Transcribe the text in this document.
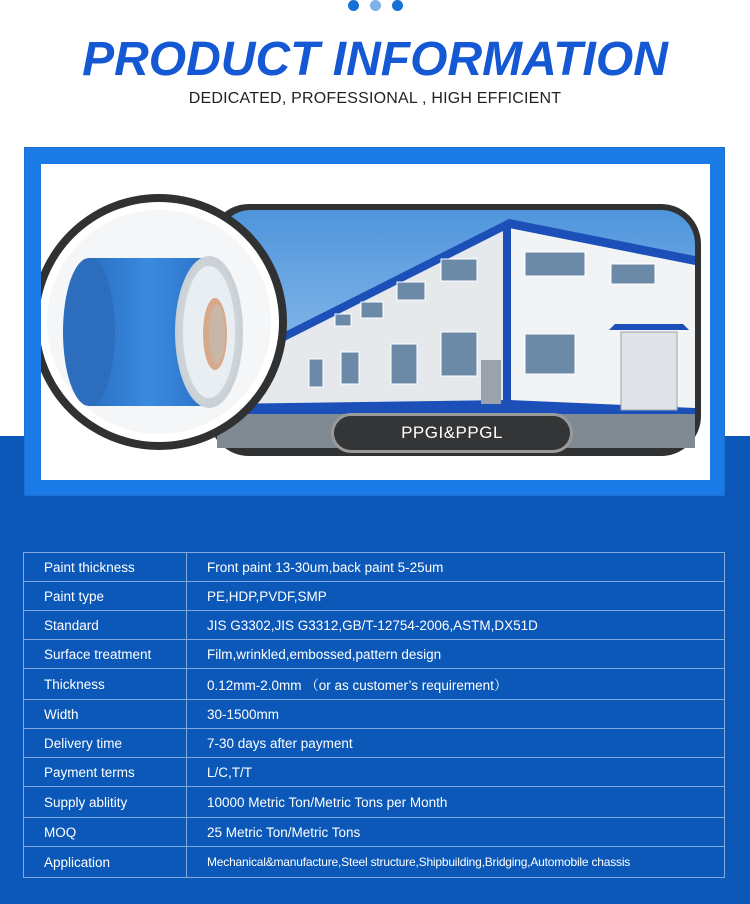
PRODUCT INFORMATION
DEDICATED, PROFESSIONAL , HIGH EFFICIENT
PPGI&PPGL
Paint thickness	Front paint 13-30um,back paint 5-25um
Paint type	PE,HDP,PVDF,SMP
Standard	JIS G3302,JIS G3312,GB/T-12754-2006,ASTM,DX51D
Surface treatment	Film,wrinkled,embossed,pattern design
Thickness	0.12mm-2.0mm （or as customer’s requirement）
Width	30-1500mm
Delivery time	7-30 days after payment
Payment terms	L/C,T/T
Supply ablitity	10000 Metric Ton/Metric Tons per Month
MOQ	25 Metric Ton/Metric Tons
Application	Mechanical&manufacture,Steel structure,Shipbuilding,Bridging,Automobile chassis
